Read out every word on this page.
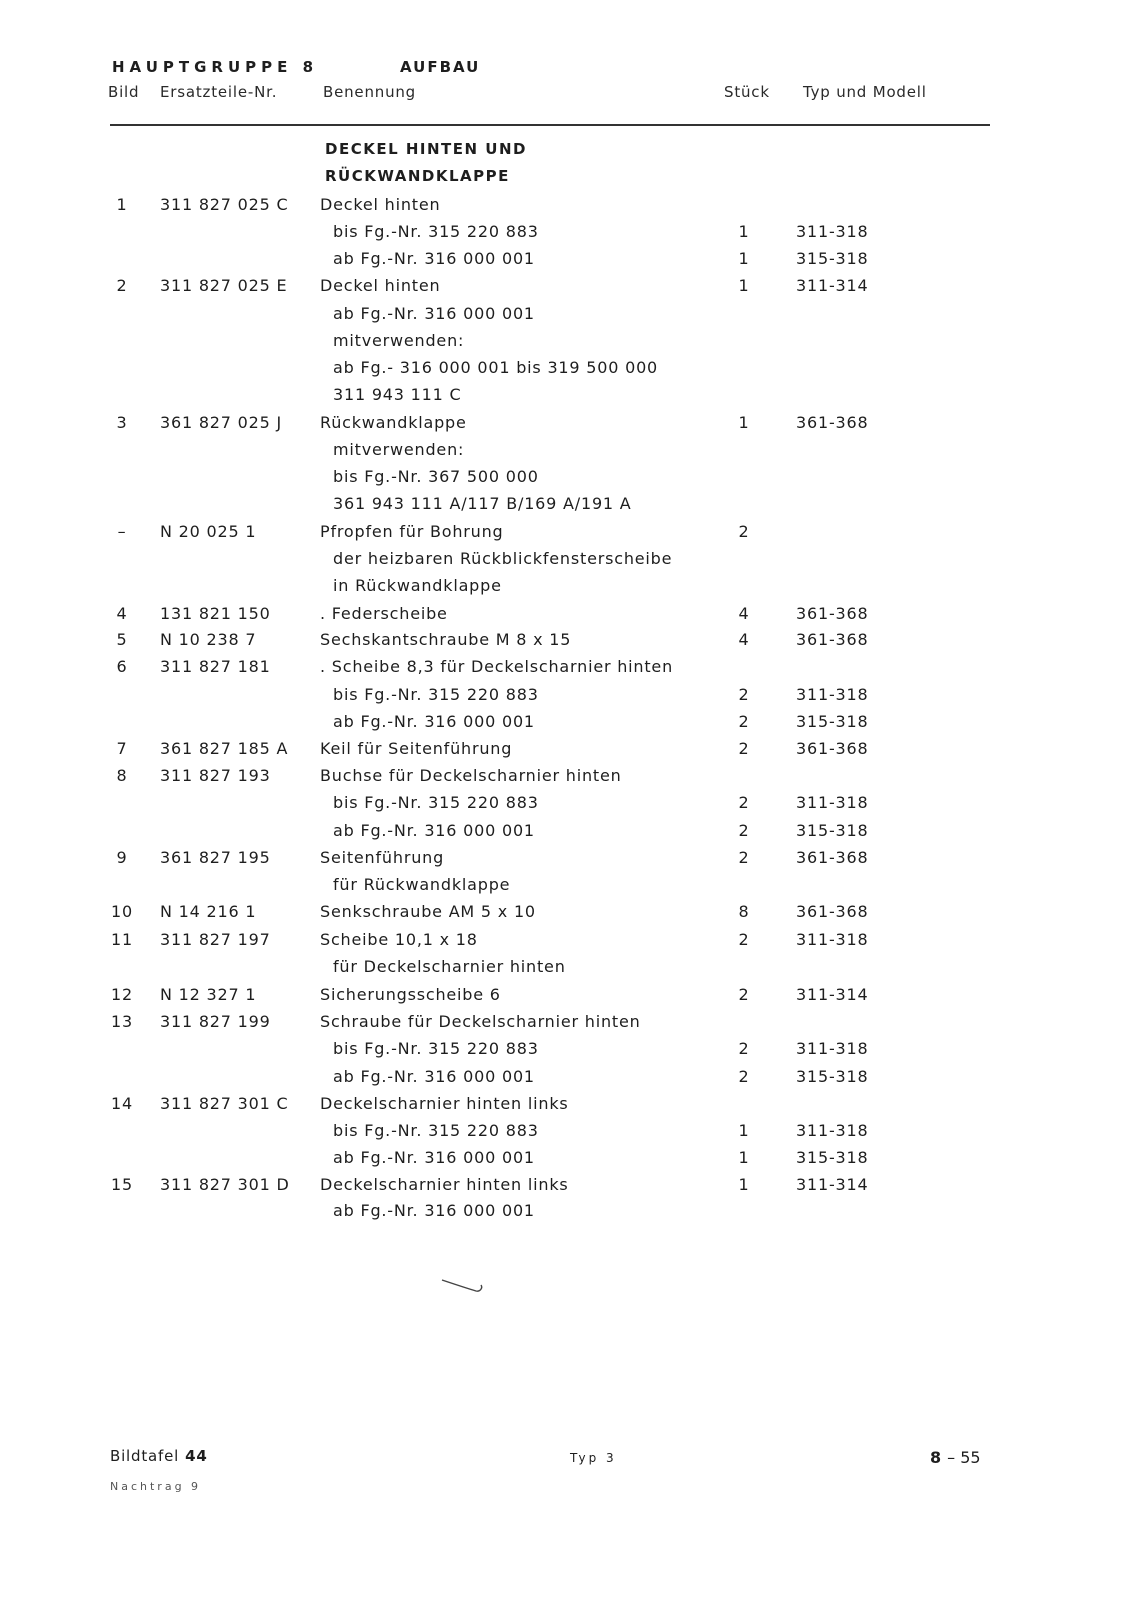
HAUPTGRUPPE 8	AUFBAU
Bild Ersatzteile-Nr.	Benennung	Stück Typ und Modell
DECKEL HINTEN UND
RÜCKWANDKLAPPE
1	311 827 025 C Deckel hinten
bis Fg.-Nr. 315 220 883	1	311-318
ab Fg.-Nr. 316 000 001	1	315-318
2	311 827 025 E Deckel hinten	1	311-314
ab Fg.-Nr. 316 000 001
mitverwenden:
ab Fg.- 316 000 001 bis 319 500 000
311 943 111 C
3	361 827 025 J Rückwandklappe	1	361-368
mitverwenden:
bis Fg.-Nr. 367 500 000
361 943 111 A/117 B/169 A/191 A
–	N 20 025 1	Pfropfen für Bohrung	2
der heizbaren Rückblickfensterscheibe
in Rückwandklappe
4	131 821 150	. Federscheibe	4	361-368
5	N 10 238 7	Sechskantschraube M 8 x 15	4	361-368
6	311 827 181	. Scheibe 8,3 für Deckelscharnier hinten
bis Fg.-Nr. 315 220 883	2	311-318
ab Fg.-Nr. 316 000 001	2	315-318
7	361 827 185 A Keil für Seitenführung	2	361-368
8	311 827 193	Buchse für Deckelscharnier hinten
bis Fg.-Nr. 315 220 883	2	311-318
ab Fg.-Nr. 316 000 001	2	315-318
9	361 827 195	Seitenführung	2	361-368
für Rückwandklappe
10	N 14 216 1	Senkschraube AM 5 x 10	8	361-368
11	311 827 197	Scheibe 10,1 x 18	2	311-318
für Deckelscharnier hinten
12	N 12 327 1	Sicherungsscheibe 6	2	311-314
13	311 827 199	Schraube für Deckelscharnier hinten
bis Fg.-Nr. 315 220 883	2	311-318
ab Fg.-Nr. 316 000 001	2	315-318
14	311 827 301 C Deckelscharnier hinten links
bis Fg.-Nr. 315 220 883	1	311-318
ab Fg.-Nr. 316 000 001	1	315-318
15	311 827 301 D Deckelscharnier hinten links	1	311-314
ab Fg.-Nr. 316 000 001
Bildtafel 44
Nachtrag 9
Typ 3	8 – 55
